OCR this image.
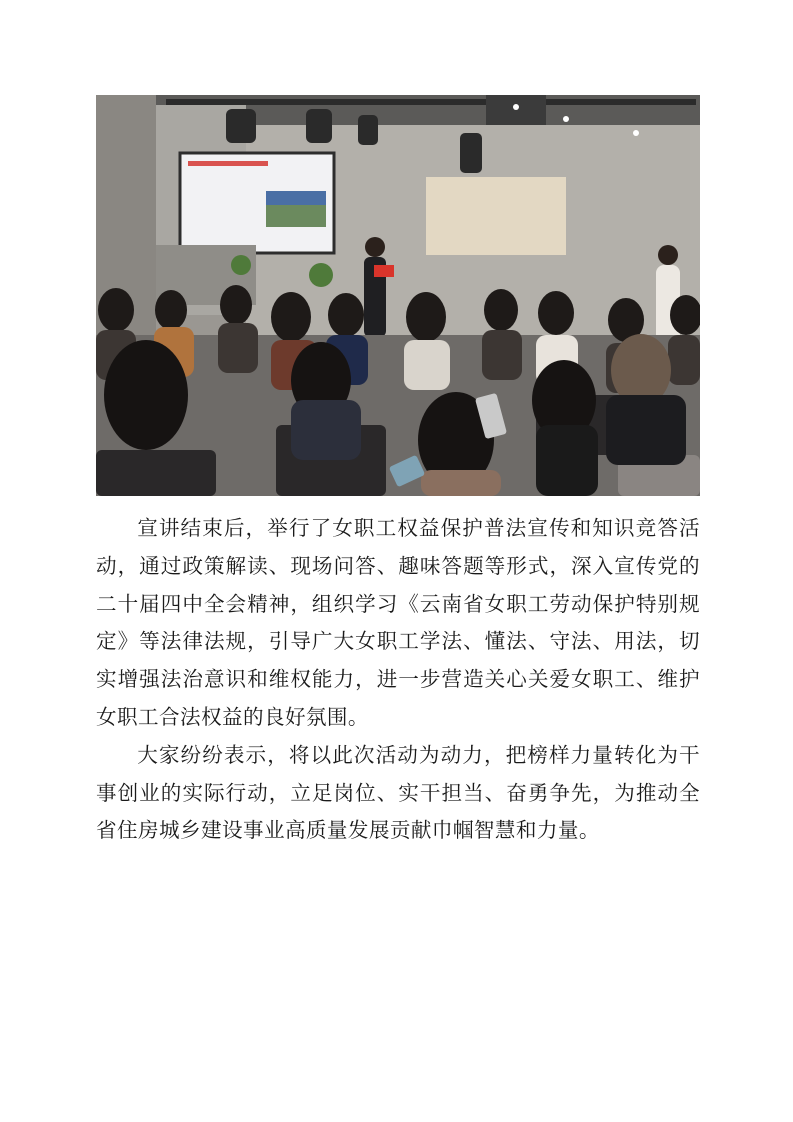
宣讲结束后，举行了女职工权益保护普法宣传和知识竞答活动，通过政策解读、现场问答、趣味答题等形式，深入宣传党的二十届四中全会精神，组织学习《云南省女职工劳动保护特别规定》等法律法规，引导广大女职工学法、懂法、守法、用法，切实增强法治意识和维权能力，进一步营造关心关爱女职工、维护女职工合法权益的良好氛围。

大家纷纷表示，将以此次活动为动力，把榜样力量转化为干事创业的实际行动，立足岗位、实干担当、奋勇争先，为推动全省住房城乡建设事业高质量发展贡献巾帼智慧和力量。
